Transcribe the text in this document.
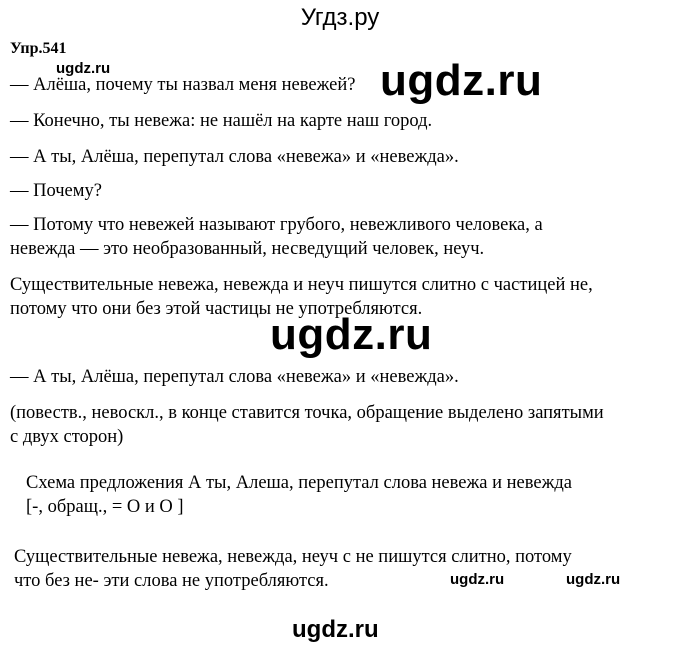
Угдз.ру
Упр.541
ugdz.ru	ugdz.ru
ugdz.ru
ugdz.ru	ugdz.ru
ugdz.ru
— Алёша, почему ты назвал меня невежей?
— Конечно, ты невежа: не нашёл на карте наш город.
— А ты, Алёша, перепутал слова «невежа» и «невежда».
— Почему?
— Потому что невежей называют грубого, невежливого человека, а
невежда — это необразованный, несведущий человек, неуч.
Существительные невежа, невежда и неуч пишутся слитно с частицей не,
потому что они без этой частицы не употребляются.
— А ты, Алёша, перепутал слова «невежа» и «невежда».
(повеств., невоскл., в конце ставится точка, обращение выделено запятыми
с двух сторон)
Схема предложения А ты, Алеша, перепутал слова невежа и невежда
[-, обращ., = О и О ]
Существительные невежа, невежда, неуч с не пишутся слитно, потому
что без не- эти слова не употребляются.
